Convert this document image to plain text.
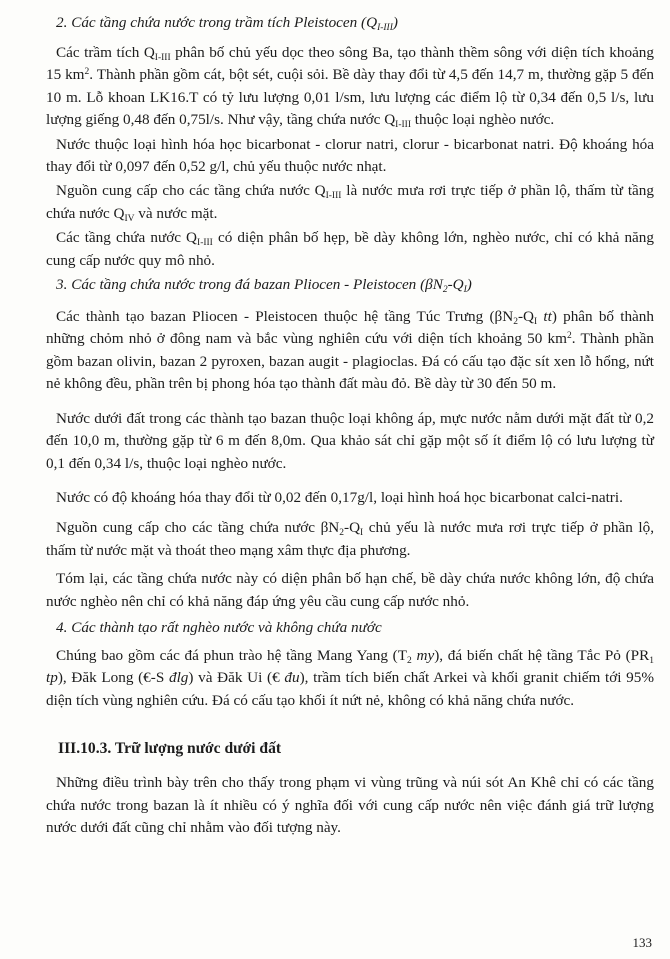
2. Các tầng chứa nước trong trầm tích Pleistocen $(Q_{I-III})$

Các trầm tích $Q_{I-III}$ phân bố chủ yếu dọc theo sông Ba, tạo thành thềm sông với diện tích khoảng 15 $km^2$. Thành phần gồm cát, bột sét, cuội sỏi. Bề dày thay đổi từ 4,5 đến 14,7 m, thường gặp 5 đến 10 m. Lỗ khoan LK16.T có tỷ lưu lượng 0,01 l/sm, lưu lượng các điểm lộ từ 0,34 đến 0,5 l/s, lưu lượng giếng 0,48 đến 0,75l/s. Như vậy, tầng chứa nước $Q_{I-III}$ thuộc loại nghèo nước.

Nước thuộc loại hình hóa học bicarbonat - clorur natri, clorur - bicarbonat natri. Độ khoáng hóa thay đổi từ 0,097 đến 0,52 g/l, chủ yếu thuộc nước nhạt.

Nguồn cung cấp cho các tầng chứa nước $Q_{I-III}$ là nước mưa rơi trực tiếp ở phần lộ, thấm từ tầng chứa nước $Q_{IV}$ và nước mặt.

Các tầng chứa nước $Q_{I-III}$ có diện phân bố hẹp, bề dày không lớn, nghèo nước, chỉ có khả năng cung cấp nước quy mô nhỏ.

3. Các tầng chứa nước trong đá bazan Pliocen - Pleistocen $(\beta N_2-Q_I)$

Các thành tạo bazan Pliocen - Pleistocen thuộc hệ tầng Túc Trưng ($\beta N_2-Q_I$ tt) phân bố thành những chỏm nhỏ ở đông nam và bắc vùng nghiên cứu với diện tích khoảng 50 $km^2$. Thành phần gồm bazan olivin, bazan 2 pyroxen, bazan augit - plagioclas. Đá có cấu tạo đặc sít xen lỗ hổng, nứt nẻ không đều, phần trên bị phong hóa tạo thành đất màu đỏ. Bề dày từ 30 đến 50 m.

Nước dưới đất trong các thành tạo bazan thuộc loại không áp, mực nước nằm dưới mặt đất từ 0,2 đến 10,0 m, thường gặp từ 6 m đến 8,0m. Qua khảo sát chỉ gặp một số ít điểm lộ có lưu lượng từ 0,1 đến 0,34 l/s, thuộc loại nghèo nước.

Nước có độ khoáng hóa thay đổi từ 0,02 đến 0,17g/l, loại hình hoá học bicarbonat calci-natri.

Nguồn cung cấp cho các tầng chứa nước $\beta N_2-Q_I$ chủ yếu là nước mưa rơi trực tiếp ở phần lộ, thấm từ nước mặt và thoát theo mạng xâm thực địa phương.

Tóm lại, các tầng chứa nước này có diện phân bố hạn chế, bề dày chứa nước không lớn, độ chứa nước nghèo nên chỉ có khả năng đáp ứng yêu cầu cung cấp nước nhỏ.

4. Các thành tạo rất nghèo nước và không chứa nước

Chúng bao gồm các đá phun trào hệ tầng Mang Yang ($T_2$ my), đá biến chất hệ tầng Tắc Pỏ ($PR_1$ tp), Đăk Long (€-S đlg) và Đăk Ui (€ đu), trầm tích biến chất Arkei và khối granit chiếm tới 95% diện tích vùng nghiên cứu. Đá có cấu tạo khối ít nứt nẻ, không có khả năng chứa nước.

III.10.3. Trữ lượng nước dưới đất

Những điều trình bày trên cho thấy trong phạm vi vùng trũng và núi sót An Khê chỉ có các tầng chứa nước trong bazan là ít nhiều có ý nghĩa đối với cung cấp nước nên việc đánh giá trữ lượng nước dưới đất cũng chỉ nhằm vào đối tượng này.

133
